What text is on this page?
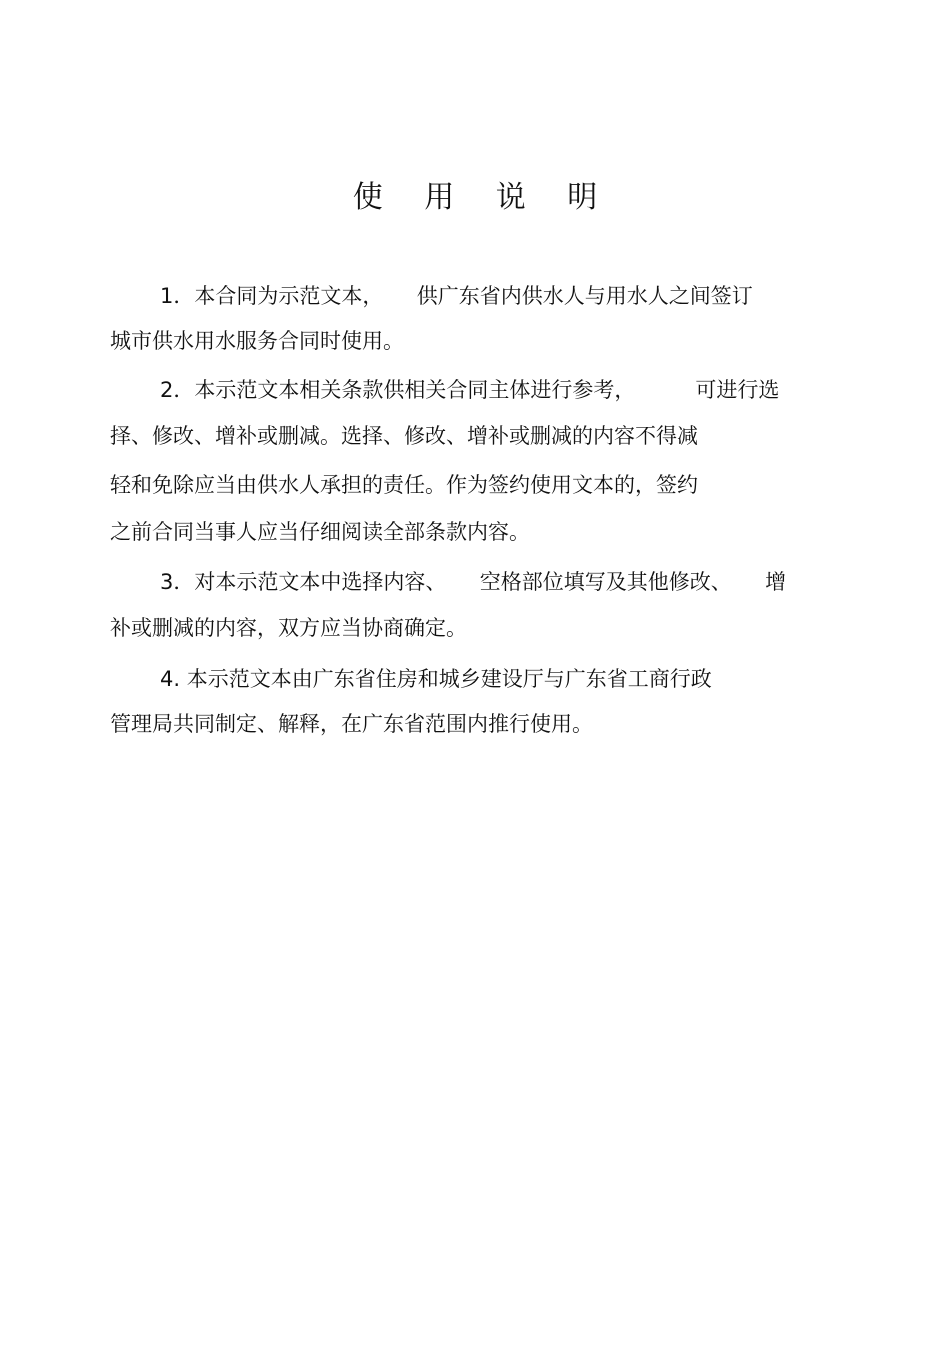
使 用 说 明
1．本合同为示范文本，     供广东省内供水人与用水人之间签订
城市供水用水服务合同时使用。
2．本示范文本相关条款供相关合同主体进行参考，         可进行选
择、修改、增补或删减。选择、修改、增补或删减的内容不得减
轻和免除应当由供水人承担的责任。作为签约使用文本的，签约
之前合同当事人应当仔细阅读全部条款内容。
3．对本示范文本中选择内容、     空格部位填写及其他修改、     增
补或删减的内容，双方应当协商确定。
4. 本示范文本由广东省住房和城乡建设厅与广东省工商行政
管理局共同制定、解释，在广东省范围内推行使用。
